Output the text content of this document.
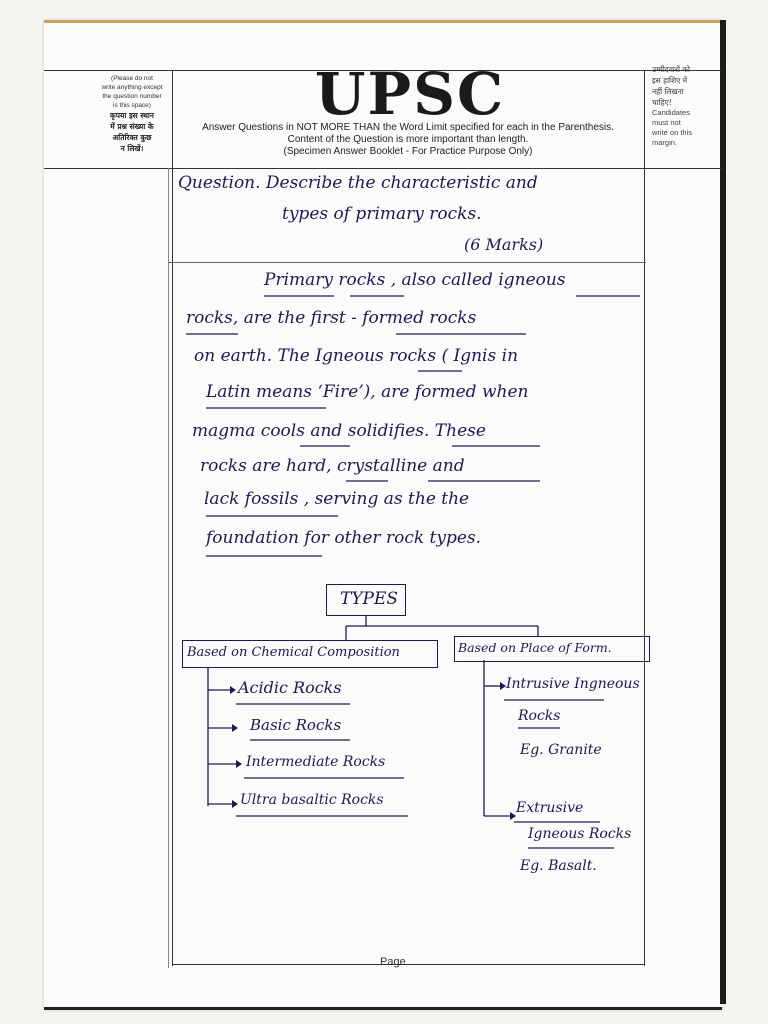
(Please do not
write anything except
the question number
is this space)
कृपया इस स्थान
में प्रश्न संख्या के
अतिरिक्त कुछ
न लिखें।
उम्मीदवारों को
इस हाशिए में
नहीं लिखना
चाहिए!
Candidates
must not
write on this
margin.
UPSC
Answer Questions in NOT MORE THAN the Word Limit specified for each in the Parenthesis.
Content of the Question is more important than length.
(Specimen Answer Booklet - For Practice Purpose Only)
Question. Describe the characteristic and
types of primary rocks.
(6 Marks)
Primary rocks , also called igneous
rocks, are the first - formed rocks
on earth. The Igneous rocks ( Ignis in
Latin means ‘Fire’), are formed when
magma cools and solidifies. These
rocks are hard, crystalline and
lack fossils , serving as the the
foundation for other rock types.
TYPES
Based on Chemical Composition	Based on Place of Form.
Acidic Rocks
Basic Rocks
Intermediate Rocks
Ultra basaltic Rocks
Intrusive Ingneous
Rocks
Eg. Granite
Extrusive
Igneous Rocks
Eg. Basalt.
Page
